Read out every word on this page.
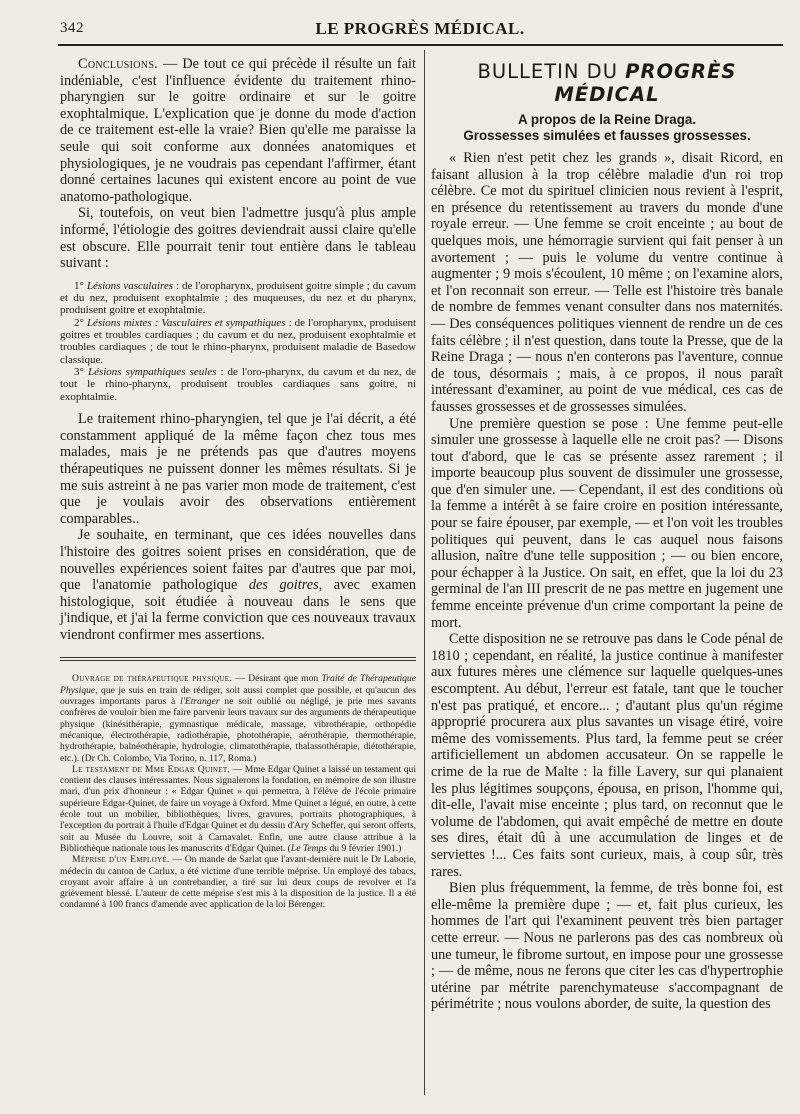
342	LE PROGRÈS MÉDICAL.

Conclusions. — De tout ce qui précède il résulte un fait indéniable, c'est l'influence évidente du traitement rhino-pharyngien sur le goitre ordinaire et sur le goitre exophtalmique. L'explication que je donne du mode d'action de ce traitement est-elle la vraie? Bien qu'elle me paraisse la seule qui soit conforme aux données anatomiques et physiologiques, je ne voudrais pas cependant l'affirmer, étant donné certaines lacunes qui existent encore au point de vue anatomo-pathologique.

Si, toutefois, on veut bien l'admettre jusqu'à plus ample informé, l'étiologie des goitres deviendrait aussi claire qu'elle est obscure. Elle pourrait tenir tout entière dans le tableau suivant :

1° Lésions vasculaires : de l'oropharynx, produisent goitre simple ; du cavum et du nez, produisent exophtalmie ; des muqueuses, du nez et du pharynx, produisent goitre et exophtalmie.

2° Lésions mixtes : Vasculaires et sympathiques : de l'oropharynx, produisent goitres et troubles cardiaques ; du cavum et du nez, produisent exophtalmie et troubles cardiaques ; de tout le rhino-pharynx, produisent maladie de Basedow classique.

3° Lésions sympathiques seules : de l'oro-pharynx, du cavum et du nez, de tout le rhino-pharynx, produisent troubles cardiaques sans goitre, ni exophtalmie.

Le traitement rhino-pharyngien, tel que je l'ai décrit, a été constamment appliqué de la même façon chez tous mes malades, mais je ne prétends pas que d'autres moyens thérapeutiques ne puissent donner les mêmes résultats. Si je me suis astreint à ne pas varier mon mode de traitement, c'est que je voulais avoir des observations entièrement comparables..

Je souhaite, en terminant, que ces idées nouvelles dans l'histoire des goitres soient prises en considération, que de nouvelles expériences soient faites par d'autres que par moi, que l'anatomie pathologique des goitres, avec examen histologique, soit étudiée à nouveau dans le sens que j'indique, et j'ai la ferme conviction que ces nouveaux travaux viendront confirmer mes assertions.

Ouvrage de thérapeutique physique. — Désirant que mon Traité de Thérapeutique Physique, que je suis en train de rédiger, soit aussi complet que possible, et qu'aucun des ouvrages importants parus à l'Etranger ne soit oublié ou négligé, je prie mes savants confrères de vouloir bien me faire parvenir leurs travaux sur des arguments de thérapeutique physique (kinésithérapie, gymnastique médicale, massage, vibrothérapie, orthopédie mécanique, électrothérapie, radiothérapie, photothérapie, aérothérapie, thermothérapie, hydrothérapie, balnéothérapie, hydrologie, climatothérapie, thalassothérapie, diétothérapie, etc.). (Dr Ch. Colombo, Via Torino, n. 117, Roma.)

Le testament de Mme Edgar Quinet. — Mme Edgar Quinet a laissé un testament qui contient des clauses intéressantes. Nous signalerons la fondation, en mémoire de son illustre mari, d'un prix d'honneur : « Edgar Quinet » qui permettra, à l'élève de l'école primaire supérieure Edgar-Quinet, de faire un voyage à Oxford. Mme Quinet a légué, en outre, à cette école tout un mobilier, bibliothèques, livres, gravures, portraits photographiques, à l'exception du portrait à l'huile d'Edgar Quinet et du dessin d'Ary Scheffer, qui seront offerts, soit au Musée du Louvre, soit à Carnavalet. Enfin, une autre clause attribue à la Bibliothèque nationale tous les manuscrits d'Edgar Quinet. (Le Temps du 9 février 1901.)

Méprise d'un Employé. — On mande de Sarlat que l'avant-dernière nuit le Dr Laborie, médecin du canton de Carlux, a été victime d'une terrible méprise. Un employé des tabacs, croyant avoir affaire à un contrebandier, a tiré sur lui deux coups de revolver et l'a grièvement blessé. L'auteur de cette méprise s'est mis à la disposition de la justice. Il a été condamné à 100 francs d'amende avec application de la loi Bérenger.

BULLETIN DU PROGRÈS MÉDICAL
A propos de la Reine Draga.
Grossesses simulées et fausses grossesses.

« Rien n'est petit chez les grands », disait Ricord, en faisant allusion à la trop célèbre maladie d'un roi trop célèbre. Ce mot du spirituel clinicien nous revient à l'esprit, en présence du retentissement au travers du monde d'une royale erreur. — Une femme se croit enceinte ; au bout de quelques mois, une hémorragie survient qui fait penser à un avortement ; — puis le volume du ventre continue à augmenter ; 9 mois s'écoulent, 10 même ; on l'examine alors, et l'on reconnait son erreur. — Telle est l'histoire très banale de nombre de femmes venant consulter dans nos maternités. — Des conséquences politiques viennent de rendre un de ces faits célèbre ; il n'est question, dans toute la Presse, que de la Reine Draga ; — nous n'en conterons pas l'aventure, connue de tous, désormais ; mais, à ce propos, il nous paraît intéressant d'examiner, au point de vue médical, ces cas de fausses grossesses et de grossesses simulées.

Une première question se pose : Une femme peut-elle simuler une grossesse à laquelle elle ne croit pas? — Disons tout d'abord, que le cas se présente assez rarement ; il importe beaucoup plus souvent de dissimuler une grossesse, que d'en simuler une. — Cependant, il est des conditions où la femme a intérêt à se faire croire en position intéressante, pour se faire épouser, par exemple, — et l'on voit les troubles politiques qui peuvent, dans le cas auquel nous faisons allusion, naître d'une telle supposition ; — ou bien encore, pour échapper à la Justice. On sait, en effet, que la loi du 23 germinal de l'an III prescrit de ne pas mettre en jugement une femme enceinte prévenue d'un crime comportant la peine de mort.

Cette disposition ne se retrouve pas dans le Code pénal de 1810 ; cependant, en réalité, la justice continue à manifester aux futures mères une clémence sur laquelle quelques-unes escomptent. Au début, l'erreur est fatale, tant que le toucher n'est pas pratiqué, et encore... ; d'autant plus qu'un régime approprié procurera aux plus savantes un visage étiré, voire même des vomissements. Plus tard, la femme peut se créer artificiellement un abdomen accusateur. On se rappelle le crime de la rue de Malte : la fille Lavery, sur qui planaient les plus légitimes soupçons, épousa, en prison, l'homme qui, dit-elle, l'avait mise enceinte ; plus tard, on reconnut que le volume de l'abdomen, qui avait empêché de mettre en doute ses dires, était dû à une accumulation de linges et de serviettes !... Ces faits sont curieux, mais, à coup sûr, très rares.

Bien plus fréquemment, la femme, de très bonne foi, est elle-même la première dupe ; — et, fait plus curieux, les hommes de l'art qui l'examinent peuvent très bien partager cette erreur. — Nous ne parlerons pas des cas nombreux où une tumeur, le fibrome surtout, en impose pour une grossesse ; — de même, nous ne ferons que citer les cas d'hypertrophie utérine par métrite parenchymateuse s'accompagnant de périmétrite ; nous voulons aborder, de suite, la question des
